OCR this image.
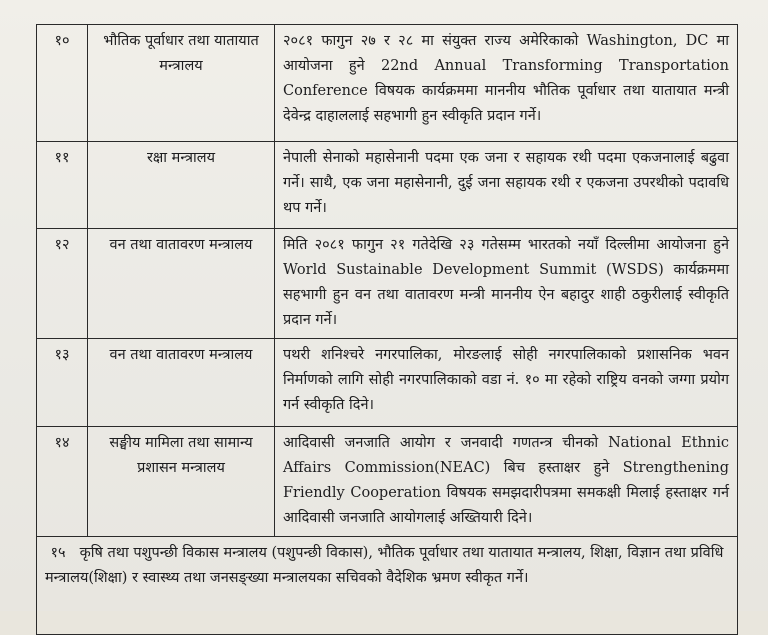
१०	भौतिक पूर्वाधार तथा यातायात मन्त्रालय	२०८१ फागुन २७ र २८ मा संयुक्त राज्य अमेरिकाको Washington, DC मा आयोजना हुने 22nd Annual Transforming Transportation Conference विषयक कार्यक्रममा माननीय भौतिक पूर्वाधार तथा यातायात मन्त्री देवेन्द्र दाहाललाई सहभागी हुन स्वीकृति प्रदान गर्ने।
११	रक्षा मन्त्रालय	नेपाली सेनाको महासेनानी पदमा एक जना र सहायक रथी पदमा एकजनालाई बढुवा गर्ने। साथै, एक जना महासेनानी, दुई जना सहायक रथी र एकजना उपरथीको पदावधि थप गर्ने।
१२	वन तथा वातावरण मन्त्रालय	मिति २०८१ फागुन २१ गतेदेखि २३ गतेसम्म भारतको नयाँ दिल्लीमा आयोजना हुने World Sustainable Development Summit (WSDS) कार्यक्रममा सहभागी हुन वन तथा वातावरण मन्त्री माननीय ऐन बहादुर शाही ठकुरीलाई स्वीकृति प्रदान गर्ने।
१३	वन तथा वातावरण मन्त्रालय	पथरी शनिश्चरे नगरपालिका, मोरङलाई सोही नगरपालिकाको प्रशासनिक भवन निर्माणको लागि सोही नगरपालिकाको वडा नं. १० मा रहेको राष्ट्रिय वनको जग्गा प्रयोग गर्न स्वीकृति दिने।
१४	सङ्घीय मामिला तथा सामान्य प्रशासन मन्त्रालय	आदिवासी जनजाति आयोग र जनवादी गणतन्त्र चीनको National Ethnic Affairs Commission(NEAC) बिच हस्ताक्षर हुने Strengthening Friendly Cooperation विषयक समझदारीपत्रमा समकक्षी मिलाई हस्ताक्षर गर्न आदिवासी जनजाति आयोगलाई अख्तियारी दिने।
१५ कृषि तथा पशुपन्छी विकास मन्त्रालय (पशुपन्छी विकास), भौतिक पूर्वाधार तथा यातायात मन्त्रालय, शिक्षा, विज्ञान तथा प्रविधि मन्त्रालय(शिक्षा) र स्वास्थ्य तथा जनसङ्ख्या मन्त्रालयका सचिवको वैदेशिक भ्रमण स्वीकृत गर्ने।		
